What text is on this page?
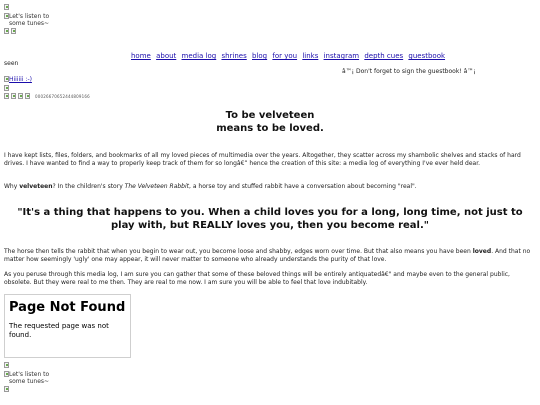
Let's listen to some tunes~

home about media log shrines blog for you links instagram depth cues guestbook
seen
â™¡ Don't forget to sign the guestbook! â™¡
Hiiiiii :-)
00026670652444809166
To be velveteen
means to be loved.

I have kept lists, files, folders, and bookmarks of all my loved pieces of multimedia over the years. Altogether, they scatter across my shambolic shelves and stacks of hard drives. I have wanted to find a way to properly keep track of them for so longâ€” hence the creation of this site: a media log of everything I've ever held dear.

Why velveteen? In the children's story The Velveteen Rabbit, a horse toy and stuffed rabbit have a conversation about becoming "real".

"It's a thing that happens to you. When a child loves you for a long, long time, not just to play with, but REALLY loves you, then you become real."

The horse then tells the rabbit that when you begin to wear out, you become loose and shabby, edges worn over time. But that also means you have been loved. And that no matter how seemingly 'ugly' one may appear, it will never matter to someone who already understands the purity of that love.

As you peruse through this media log, I am sure you can gather that some of these beloved things will be entirely antiquatedâ€" and maybe even to the general public, obsolete. But they were real to me then. They are real to me now. I am sure you will be able to feel that love indubitably.

Page Not Found
The requested page was not found.
Let's listen to some tunes~
